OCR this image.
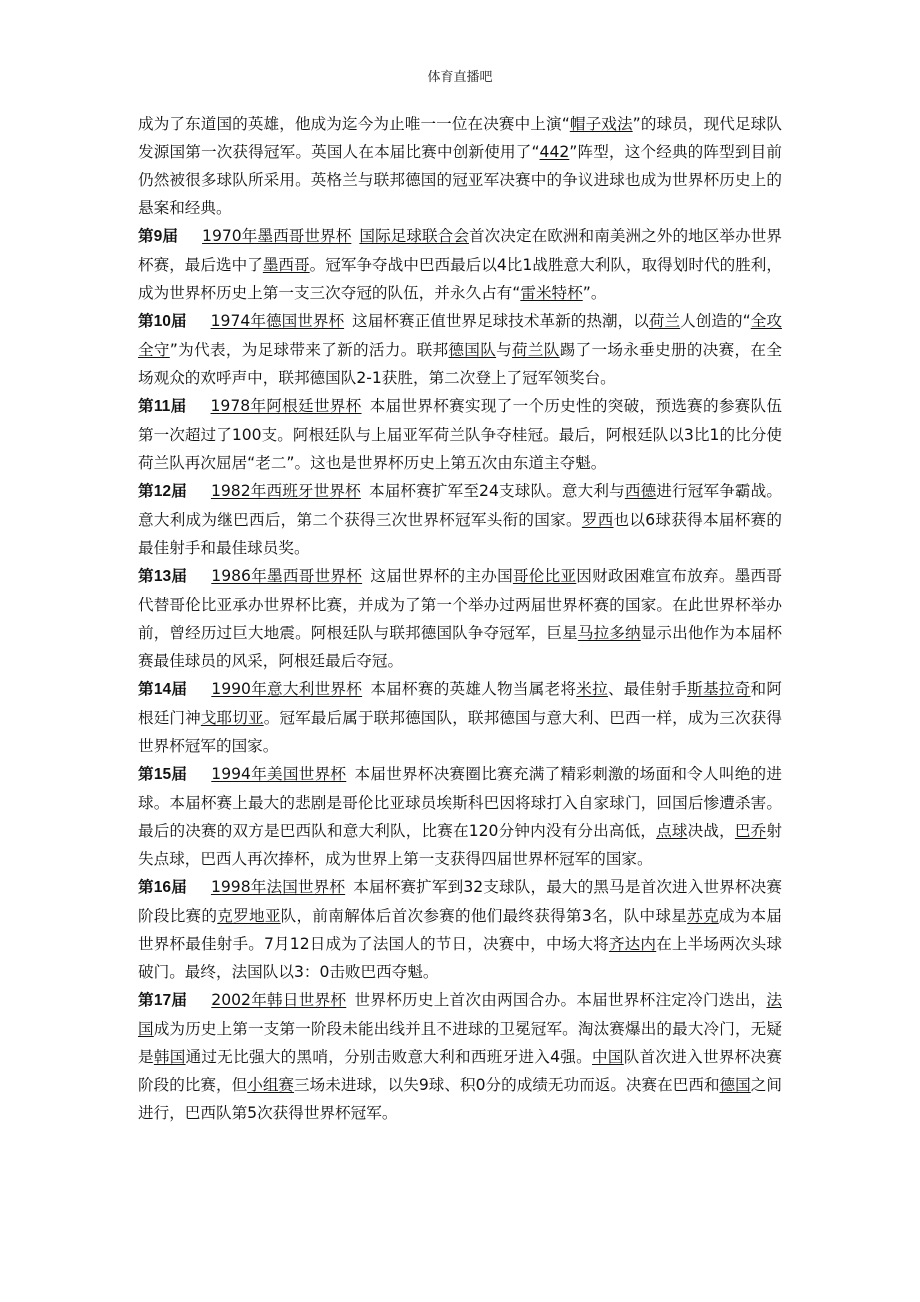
体育直播吧

成为了东道国的英雄，他成为迄今为止唯一一位在决赛中上演“帽子戏法”的球员，现代足球队发源国第一次获得冠军。英国人在本届比赛中创新使用了“442”阵型，这个经典的阵型到目前仍然被很多球队所采用。英格兰与联邦德国的冠亚军决赛中的争议进球也成为世界杯历史上的悬案和经典。

第9届 1970年墨西哥世界杯 国际足球联合会首次决定在欧洲和南美洲之外的地区举办世界杯赛，最后选中了墨西哥。冠军争夺战中巴西最后以4比1战胜意大利队，取得划时代的胜利，成为世界杯历史上第一支三次夺冠的队伍，并永久占有“雷米特杯”。

第10届 1974年德国世界杯 这届杯赛正值世界足球技术革新的热潮，以荷兰人创造的“全攻全守”为代表，为足球带来了新的活力。联邦德国队与荷兰队踢了一场永垂史册的决赛，在全场观众的欢呼声中，联邦德国队2-1获胜，第二次登上了冠军领奖台。

第11届 1978年阿根廷世界杯 本届世界杯赛实现了一个历史性的突破，预选赛的参赛队伍第一次超过了100支。阿根廷队与上届亚军荷兰队争夺桂冠。最后，阿根廷队以3比1的比分使荷兰队再次屈居“老二”。这也是世界杯历史上第五次由东道主夺魁。

第12届 1982年西班牙世界杯 本届杯赛扩军至24支球队。意大利与西德进行冠军争霸战。意大利成为继巴西后，第二个获得三次世界杯冠军头衔的国家。罗西也以6球获得本届杯赛的最佳射手和最佳球员奖。

第13届 1986年墨西哥世界杯 这届世界杯的主办国哥伦比亚因财政困难宣布放弃。墨西哥代替哥伦比亚承办世界杯比赛，并成为了第一个举办过两届世界杯赛的国家。在此世界杯举办前，曾经历过巨大地震。阿根廷队与联邦德国队争夺冠军，巨星马拉多纳显示出他作为本届杯赛最佳球员的风采，阿根廷最后夺冠。

第14届 1990年意大利世界杯 本届杯赛的英雄人物当属老将米拉、最佳射手斯基拉奇和阿根廷门神戈耶切亚。冠军最后属于联邦德国队，联邦德国与意大利、巴西一样，成为三次获得世界杯冠军的国家。

第15届 1994年美国世界杯 本届世界杯决赛圈比赛充满了精彩刺激的场面和令人叫绝的进球。本届杯赛上最大的悲剧是哥伦比亚球员埃斯科巴因将球打入自家球门，回国后惨遭杀害。最后的决赛的双方是巴西队和意大利队，比赛在120分钟内没有分出高低，点球决战，巴乔射失点球，巴西人再次捧杯，成为世界上第一支获得四届世界杯冠军的国家。

第16届 1998年法国世界杯 本届杯赛扩军到32支球队，最大的黑马是首次进入世界杯决赛阶段比赛的克罗地亚队，前南解体后首次参赛的他们最终获得第3名，队中球星苏克成为本届世界杯最佳射手。7月12日成为了法国人的节日，决赛中，中场大将齐达内在上半场两次头球破门。最终，法国队以3：0击败巴西夺魁。

第17届 2002年韩日世界杯 世界杯历史上首次由两国合办。本届世界杯注定冷门迭出，法国成为历史上第一支第一阶段未能出线并且不进球的卫冕冠军。淘汰赛爆出的最大冷门，无疑是韩国通过无比强大的黑哨，分别击败意大利和西班牙进入4强。中国队首次进入世界杯决赛阶段的比赛，但小组赛三场未进球，以失9球、积0分的成绩无功而返。决赛在巴西和德国之间进行，巴西队第5次获得世界杯冠军。
